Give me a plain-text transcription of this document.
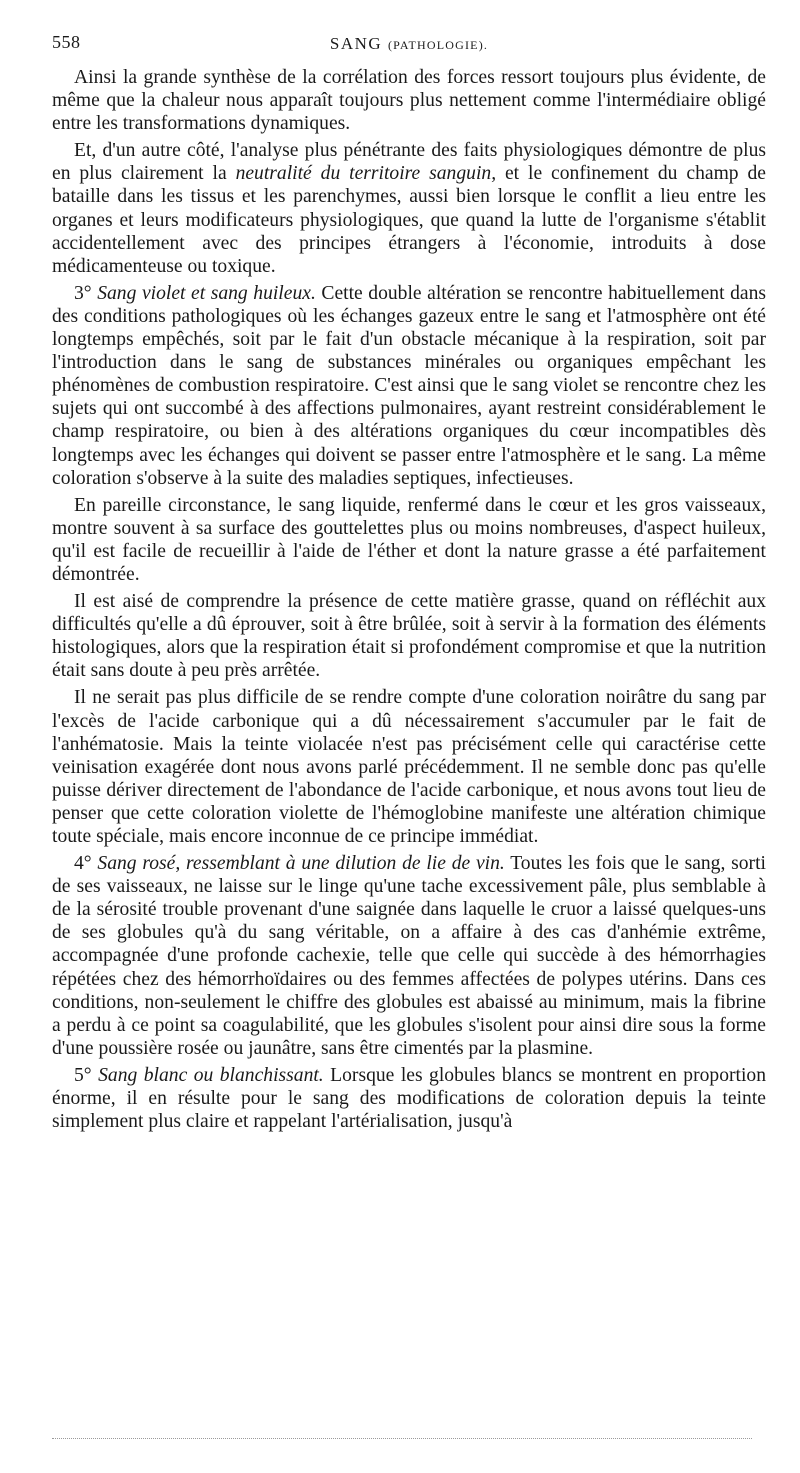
558	SANG (PATHOLOGIE).

Ainsi la grande synthèse de la corrélation des forces ressort toujours plus évidente, de même que la chaleur nous apparaît toujours plus nettement comme l'intermédiaire obligé entre les transformations dynamiques.

Et, d'un autre côté, l'analyse plus pénétrante des faits physiologiques démontre de plus en plus clairement la neutralité du territoire sanguin, et le confinement du champ de bataille dans les tissus et les parenchymes, aussi bien lorsque le conflit a lieu entre les organes et leurs modificateurs physiologiques, que quand la lutte de l'organisme s'établit accidentellement avec des principes étrangers à l'économie, introduits à dose médicamenteuse ou toxique.

3° Sang violet et sang huileux. Cette double altération se rencontre habituellement dans des conditions pathologiques où les échanges gazeux entre le sang et l'atmosphère ont été longtemps empêchés, soit par le fait d'un obstacle mécanique à la respiration, soit par l'introduction dans le sang de substances minérales ou organiques empêchant les phénomènes de combustion respiratoire. C'est ainsi que le sang violet se rencontre chez les sujets qui ont succombé à des affections pulmonaires, ayant restreint considérablement le champ respiratoire, ou bien à des altérations organiques du cœur incompatibles dès longtemps avec les échanges qui doivent se passer entre l'atmosphère et le sang. La même coloration s'observe à la suite des maladies septiques, infectieuses.

En pareille circonstance, le sang liquide, renfermé dans le cœur et les gros vaisseaux, montre souvent à sa surface des gouttelettes plus ou moins nombreuses, d'aspect huileux, qu'il est facile de recueillir à l'aide de l'éther et dont la nature grasse a été parfaitement démontrée.

Il est aisé de comprendre la présence de cette matière grasse, quand on réfléchit aux difficultés qu'elle a dû éprouver, soit à être brûlée, soit à servir à la formation des éléments histologiques, alors que la respiration était si profondément compromise et que la nutrition était sans doute à peu près arrêtée.

Il ne serait pas plus difficile de se rendre compte d'une coloration noirâtre du sang par l'excès de l'acide carbonique qui a dû nécessairement s'accumuler par le fait de l'anhématosie. Mais la teinte violacée n'est pas précisément celle qui caractérise cette veinisation exagérée dont nous avons parlé précédemment. Il ne semble donc pas qu'elle puisse dériver directement de l'abondance de l'acide carbonique, et nous avons tout lieu de penser que cette coloration violette de l'hémoglobine manifeste une altération chimique toute spéciale, mais encore inconnue de ce principe immédiat.

4° Sang rosé, ressemblant à une dilution de lie de vin. Toutes les fois que le sang, sorti de ses vaisseaux, ne laisse sur le linge qu'une tache excessivement pâle, plus semblable à de la sérosité trouble provenant d'une saignée dans laquelle le cruor a laissé quelques-uns de ses globules qu'à du sang véritable, on a affaire à des cas d'anhémie extrême, accompagnée d'une profonde cachexie, telle que celle qui succède à des hémorrhagies répétées chez des hémorrhoïdaires ou des femmes affectées de polypes utérins. Dans ces conditions, non-seulement le chiffre des globules est abaissé au minimum, mais la fibrine a perdu à ce point sa coagulabilité, que les globules s'isolent pour ainsi dire sous la forme d'une poussière rosée ou jaunâtre, sans être cimentés par la plasmine.

5° Sang blanc ou blanchissant. Lorsque les globules blancs se montrent en proportion énorme, il en résulte pour le sang des modifications de coloration depuis la teinte simplement plus claire et rappelant l'artérialisation, jusqu'à
